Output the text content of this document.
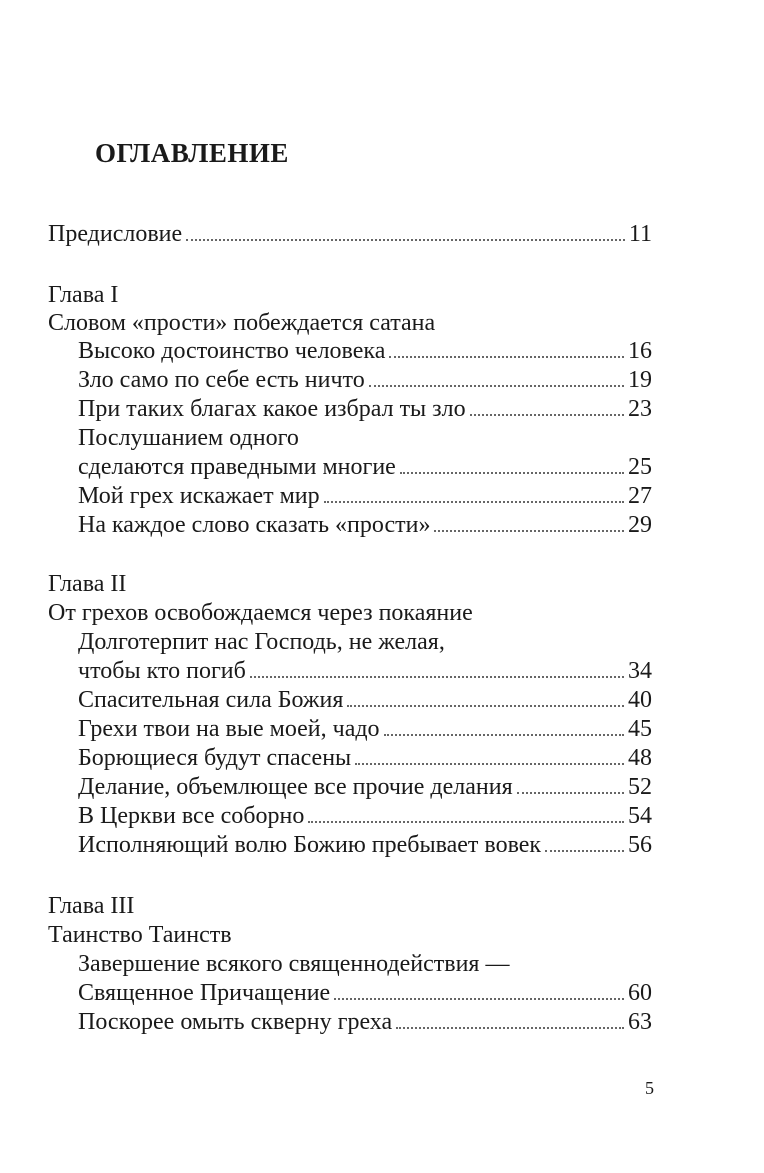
ОГЛАВЛЕНИЕ
Предисловие	11
Глава I
Словом «прости» побеждается сатана
Высоко достоинство человека	16
Зло само по себе есть ничто	19
При таких благах какое избрал ты зло	23
Послушанием одного
сделаются праведными многие	25
Мой грех искажает мир	27
На каждое слово сказать «прости»	29
Глава II
От грехов освобождаемся через покаяние
Долготерпит нас Господь, не желая,
чтобы кто погиб	34
Спасительная сила Божия	40
Грехи твои на вые моей, чадо	45
Борющиеся будут спасены	48
Делание, объемлющее все прочие делания	52
В Церкви все соборно	54
Исполняющий волю Божию пребывает вовек	56
Глава III
Таинство Таинств
Завершение всякого священнодействия —
Священное Причащение	60
Поскорее омыть скверну греха	63
5
